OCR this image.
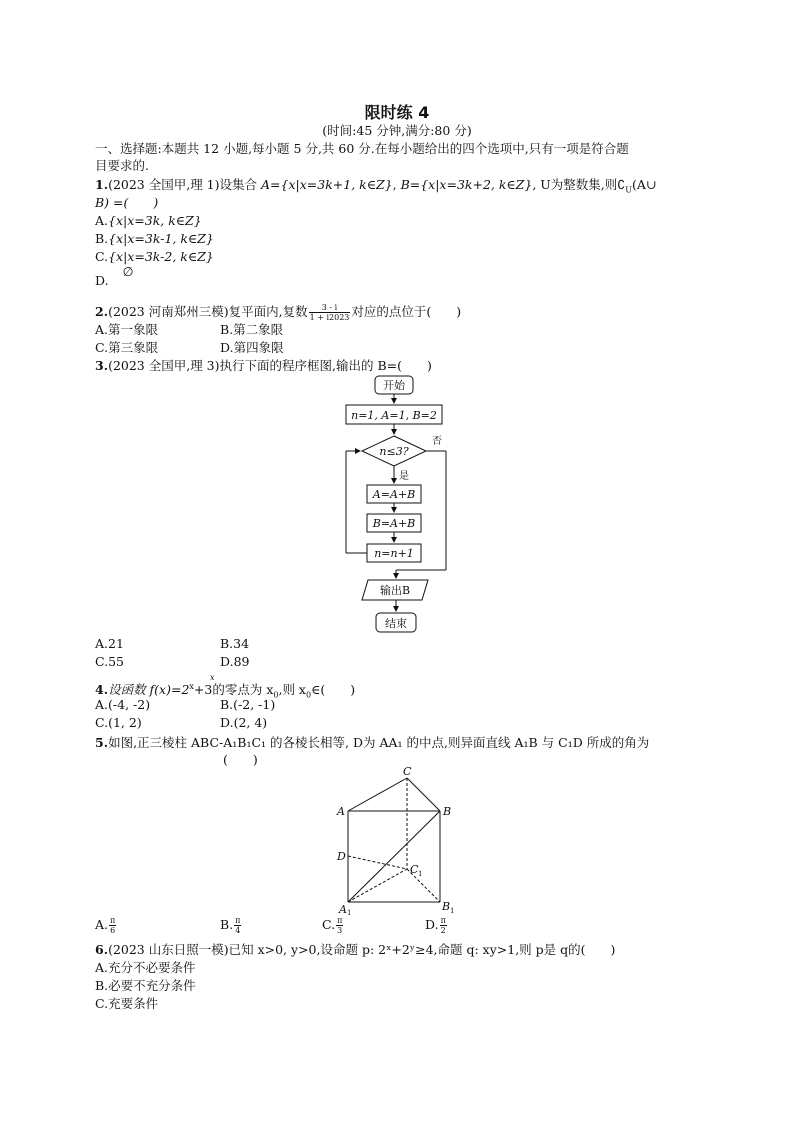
限时练 4
(时间:45 分钟,满分:80 分)
一、选择题:本题共 12 小题,每小题 5 分,共 60 分.在每小题给出的四个选项中,只有一项是符合题
目要求的.
1.(2023 全国甲,理 1)设集合 A={x|x=3k+1, k∈Z}, B={x|x=3k+2, k∈Z}, U为整数集,则$∁_U(A\cup$
B) =(　　)
A.{x|x=3k, k∈Z}
B.{x|x=3k-1, k∈Z}
C.{x|x=3k-2, k∈Z}
D.∅
2.(2023 河南郑州三模)复平面内,复数 $\frac{3 - i}{1 + i2023}$ 对应的点位于(　　)
A.第一象限	B.第二象限
C.第三象限	D.第四象限
3.(2023 全国甲,理 3)执行下面的程序框图,输出的 B=(　　)
开始
n=1, A=1, B=2
n≤3?
否
是
A=A+B
B=A+B
n=n+1
输出B
结束
A.21	B.34
C.55	D.89
x
4.设函数 $f(x)=2^x+3$的零点为 $x_0$,则 $x_0\in$(　　)
A.(-4, -2)	B.(-2, -1)
C.(1, 2)	D.(2, 4)
5.如图,正三棱柱 ABC-A₁B₁C₁ 的各棱长相等, D为 AA₁ 的中点,则异面直线 A₁B 与 C₁D 所成的角为
(　　)
C
A	B
D
C 1
A 1	B 1
A. $\frac{\pi}{6}$	B. $\frac{\pi}{4}$	C. $\frac{\pi}{3}$	D. $\frac{\pi}{2}$
6.(2023 山东日照一模)已知 x>0, y>0,设命题 p: 2ˣ+2ʸ≥4,命题 q: xy>1,则 p是 q的(　　)
A.充分不必要条件
B.必要不充分条件
C.充要条件
